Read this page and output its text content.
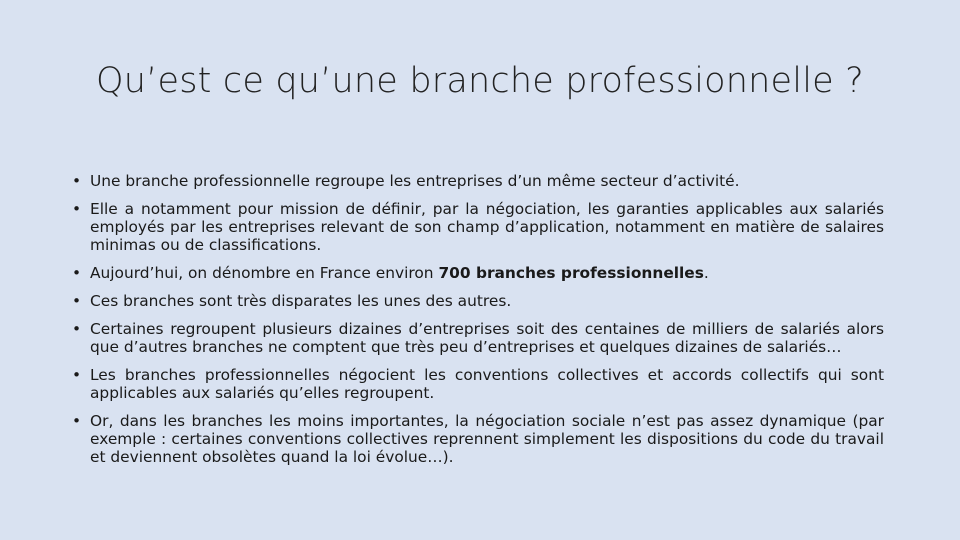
Qu’est ce qu’une branche professionnelle ?
• Une branche professionnelle regroupe les entreprises d’un même secteur d’activité.
• Elle a notamment pour mission de définir, par la négociation, les garanties applicables aux salariés employés par les entreprises relevant de son champ d’application, notamment en matière de salaires minimas ou de classifications.
• Aujourd’hui, on dénombre en France environ 700 branches professionnelles.
• Ces branches sont très disparates les unes des autres.
• Certaines regroupent plusieurs dizaines d’entreprises soit des centaines de milliers de salariés alors que d’autres branches ne comptent que très peu d’entreprises et quelques dizaines de salariés…
• Les branches professionnelles négocient les conventions collectives et accords collectifs qui sont applicables aux salariés qu’elles regroupent.
• Or, dans les branches les moins importantes, la négociation sociale n’est pas assez dynamique (par exemple : certaines conventions collectives reprennent simplement les dispositions du code du travail et deviennent obsolètes quand la loi évolue…).
